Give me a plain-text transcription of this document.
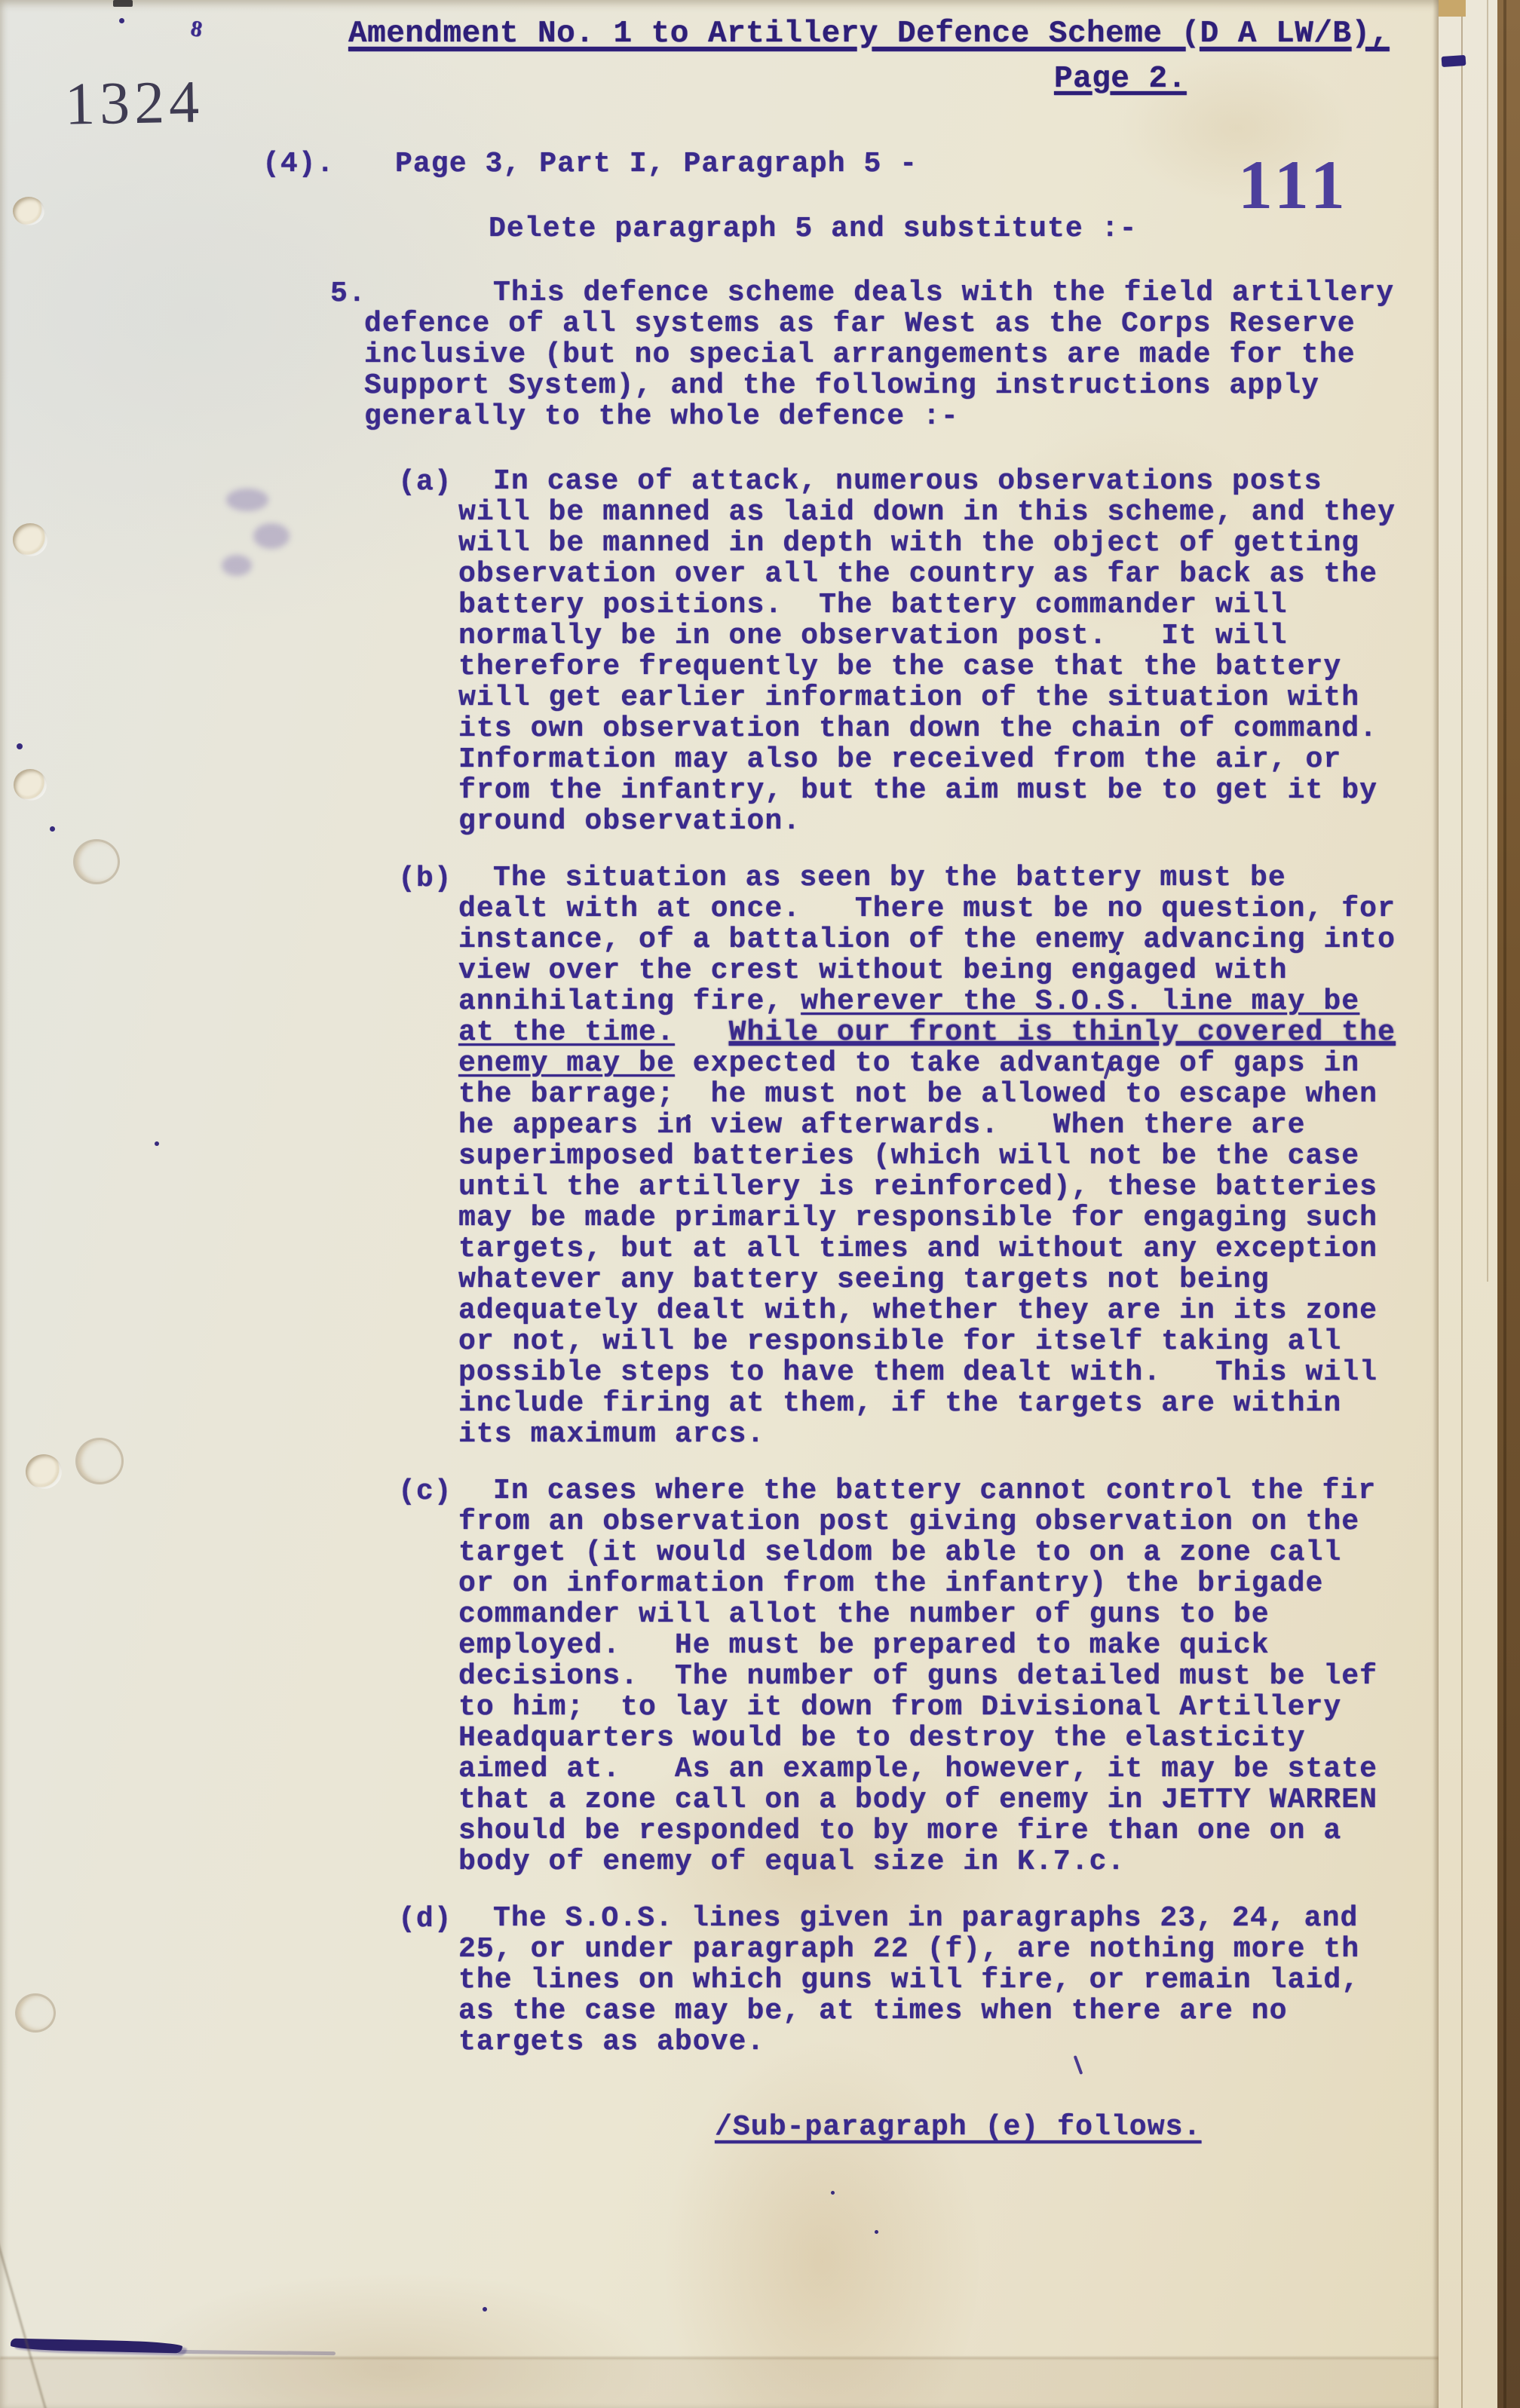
8	Amendment No. 1 to Artillery Defence Scheme (D A LW/B),
Page 2.
1324
111
(4). Page 3, Part I, Paragraph 5 -
Delete paragraph 5 and substitute :-
5.	This defence scheme deals with the field artillery
defence of all systems as far West as the Corps Reserve
inclusive (but no special arrangements are made for the
Support System), and the following instructions apply
generally to the whole defence :-
(a)	In case of attack, numerous observations posts
will be manned as laid down in this scheme, and they
will be manned in depth with the object of getting
observation over all the country as far back as the
battery positions.  The battery commander will
normally be in one observation post.   It will
therefore frequently be the case that the battery
will get earlier information of the situation with
its own observation than down the chain of command.
Information may also be received from the air, or
from the infantry, but the aim must be to get it by
ground observation.
(b)	The situation as seen by the battery must be
dealt with at once.   There must be no question, for
instance, of a battalion of the enemy advancing into
view over the crest without being engaged with
annihilating fire, wherever the S.O.S. line may be
at the time. While our front is thinly covered the
enemy may be expected to take advantage of gaps in
the barrage;  he must not be allowed to escape when
he appears in view afterwards.   When there are
superimposed batteries (which will not be the case
until the artillery is reinforced), these batteries
may be made primarily responsible for engaging such
targets, but at all times and without any exception
whatever any battery seeing targets not being
adequately dealt with, whether they are in its zone
or not, will be responsible for itself taking all
possible steps to have them dealt with.   This will
include firing at them, if the targets are within
its maximum arcs.
(c)	In cases where the battery cannot control the fir
from an observation post giving observation on the
target (it would seldom be able to on a zone call
or on information from the infantry) the brigade
commander will allot the number of guns to be
employed.   He must be prepared to make quick
decisions.  The number of guns detailed must be lef
to him;  to lay it down from Divisional Artillery
Headquarters would be to destroy the elasticity
aimed at.   As an example, however, it may be state
that a zone call on a body of enemy in JETTY WARREN
should be responded to by more fire than one on a
body of enemy of equal size in K.7.c.
(d)	The S.O.S. lines given in paragraphs 23, 24, and
25, or under paragraph 22 (f), are nothing more th
the lines on which guns will fire, or remain laid,
as the case may be, at times when there are no
targets as above.
/Sub-paragraph (e) follows.
